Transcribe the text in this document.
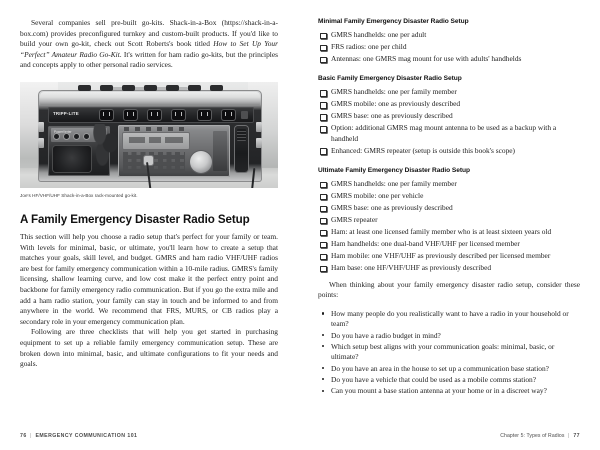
Several companies sell pre-built go-kits. Shack-in-a-Box (https://shack-in-a-box.com) provides preconfigured turnkey and custom-built products. If you'd like to build your own go-kit, check out Scott Roberts's book titled How to Set Up Your “Perfect” Amateur Radio Go-Kit. It's written for ham radio go-kits, but the principles and concepts apply to other personal radio services.

TRIPP-LITE
PowerVerter
Joe's HF/VHF/UHF Shack-in-a-Box rack-mounted go-kit.
A Family Emergency Disaster Radio Setup

This section will help you choose a radio setup that's perfect for your family or team. With levels for minimal, basic, or ultimate, you'll learn how to create a setup that matches your goals, skill level, and budget. GMRS and ham radio VHF/UHF radios are best for family emergency communication within a 10-mile radius. GMRS's family licensing, shallow learning curve, and low cost make it the perfect entry point and backbone for family emergency radio communication. But if you go the extra mile and add a ham radio station, your family can stay in touch and be informed to and from anywhere in the world. We recommend that FRS, MURS, or CB radios play a secondary role in your emergency communication plan.

Following are three checklists that will help you get started in purchasing equipment to set up a reliable family emergency communication setup. These are broken down into minimal, basic, and ultimate configurations to fit your needs and goals.

76 | EMERGENCY COMMUNICATION 101
Minimal Family Emergency Disaster Radio Setup
GMRS handhelds: one per adult
FRS radios: one per child
Antennas: one GMRS mag mount for use with adults' handhelds
Basic Family Emergency Disaster Radio Setup
GMRS handhelds: one per family member
GMRS mobile: one as previously described
GMRS base: one as previously described
Option: additional GMRS mag mount antenna to be used as a backup with a handheld
Enhanced: GMRS repeater (setup is outside this book's scope)
Ultimate Family Emergency Disaster Radio Setup
GMRS handhelds: one per family member
GMRS mobile: one per vehicle
GMRS base: one as previously described
GMRS repeater
Ham: at least one licensed family member who is at least sixteen years old
Ham handhelds: one dual-band VHF/UHF per licensed member
Ham mobile: one VHF/UHF as previously described per licensed member
Ham base: one HF/VHF/UHF as previously described

When thinking about your family emergency disaster radio setup, consider these points:

How many people do you realistically want to have a radio in your household or team?
Do you have a radio budget in mind?
Which setup best aligns with your communication goals: minimal, basic, or ultimate?
Do you have an area in the house to set up a communication base station?
Do you have a vehicle that could be used as a mobile comms station?
Can you mount a base station antenna at your home or in a discreet way?
Chapter 5: Types of Radios | 77
